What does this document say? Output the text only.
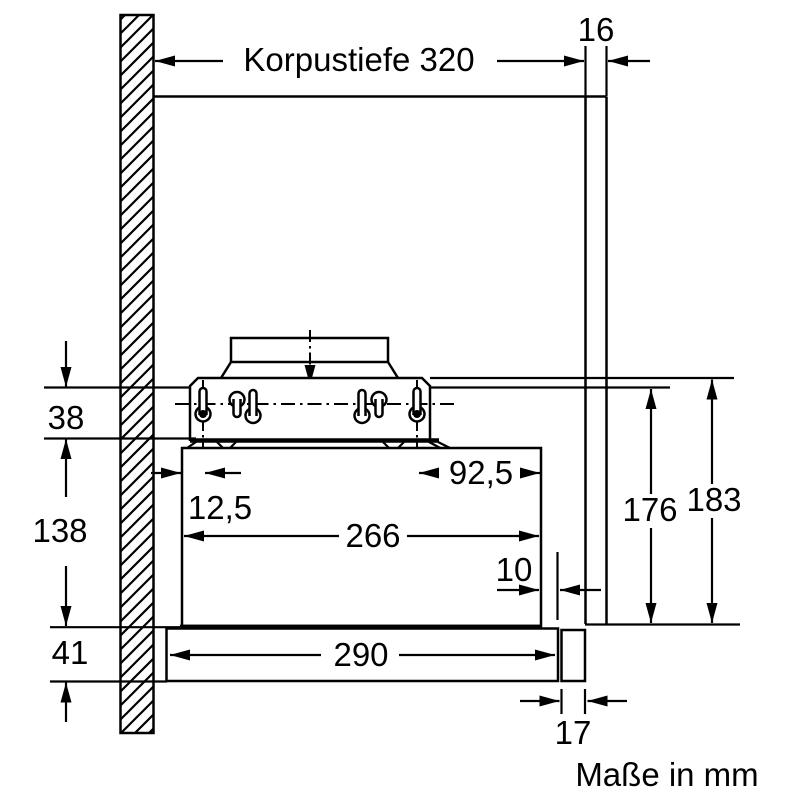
Korpustiefe 320
16
38
138
41
12,5
92,5
266
10
290
17
176 183
Maße in mm
